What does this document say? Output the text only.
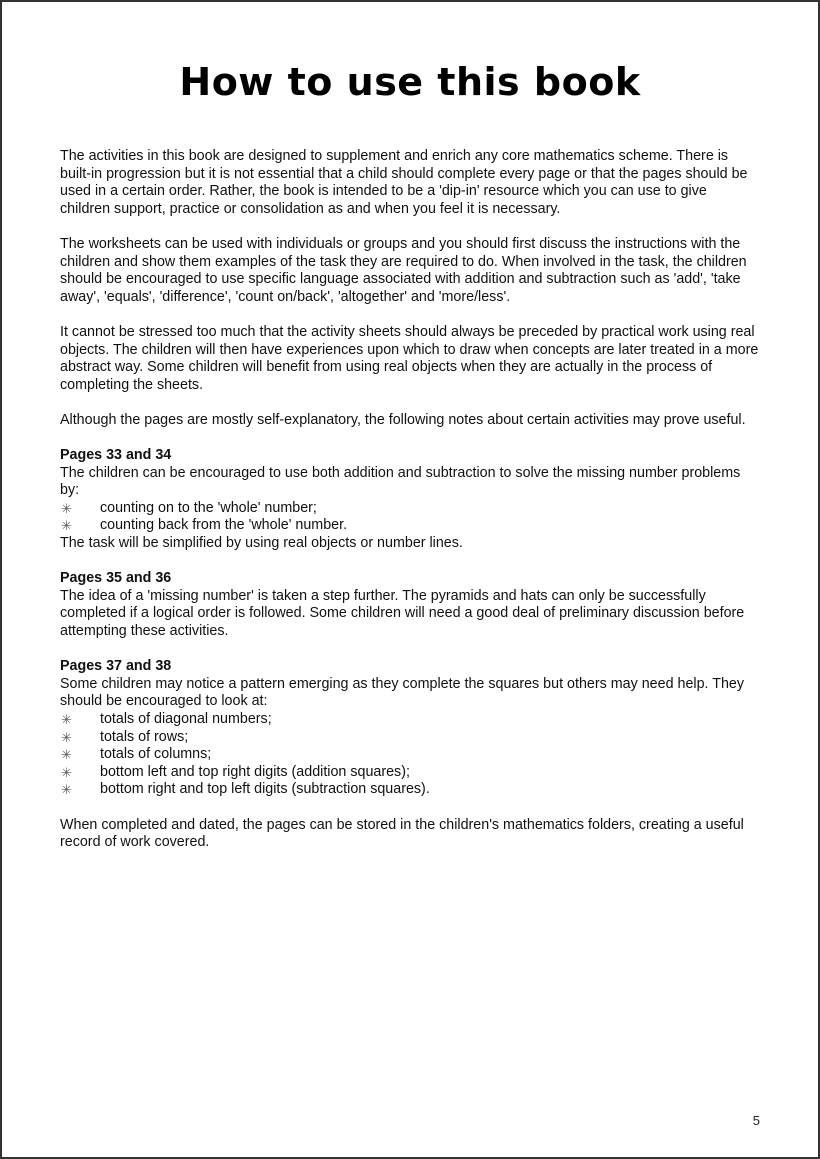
How to use this book

The activities in this book are designed to supplement and enrich any core mathematics scheme. There is built-in progression but it is not essential that a child should complete every page or that the pages should be used in a certain order. Rather, the book is intended to be a 'dip-in' resource which you can use to give children support, practice or consolidation as and when you feel it is necessary.

The worksheets can be used with individuals or groups and you should first discuss the instructions with the children and show them examples of the task they are required to do. When involved in the task, the children should be encouraged to use specific language associated with addition and subtraction such as 'add', 'take away', 'equals', 'difference', 'count on/back', 'altogether' and 'more/less'.

It cannot be stressed too much that the activity sheets should always be preceded by practical work using real objects. The children will then have experiences upon which to draw when concepts are later treated in a more abstract way. Some children will benefit from using real objects when they are actually in the process of completing the sheets.

Although the pages are mostly self-explanatory, the following notes about certain activities may prove useful.

Pages 33 and 34

The children can be encouraged to use both addition and subtraction to solve the missing number problems by:

✳	counting on to the 'whole' number;
✳	counting back from the 'whole' number.

The task will be simplified by using real objects or number lines.

Pages 35 and 36

The idea of a 'missing number' is taken a step further. The pyramids and hats can only be successfully completed if a logical order is followed. Some children will need a good deal of preliminary discussion before attempting these activities.

Pages 37 and 38

Some children may notice a pattern emerging as they complete the squares but others may need help. They should be encouraged to look at:

✳	totals of diagonal numbers;
✳	totals of rows;
✳	totals of columns;
✳	bottom left and top right digits (addition squares);
✳	bottom right and top left digits (subtraction squares).

When completed and dated, the pages can be stored in the children's mathematics folders, creating a useful record of work covered.

5
